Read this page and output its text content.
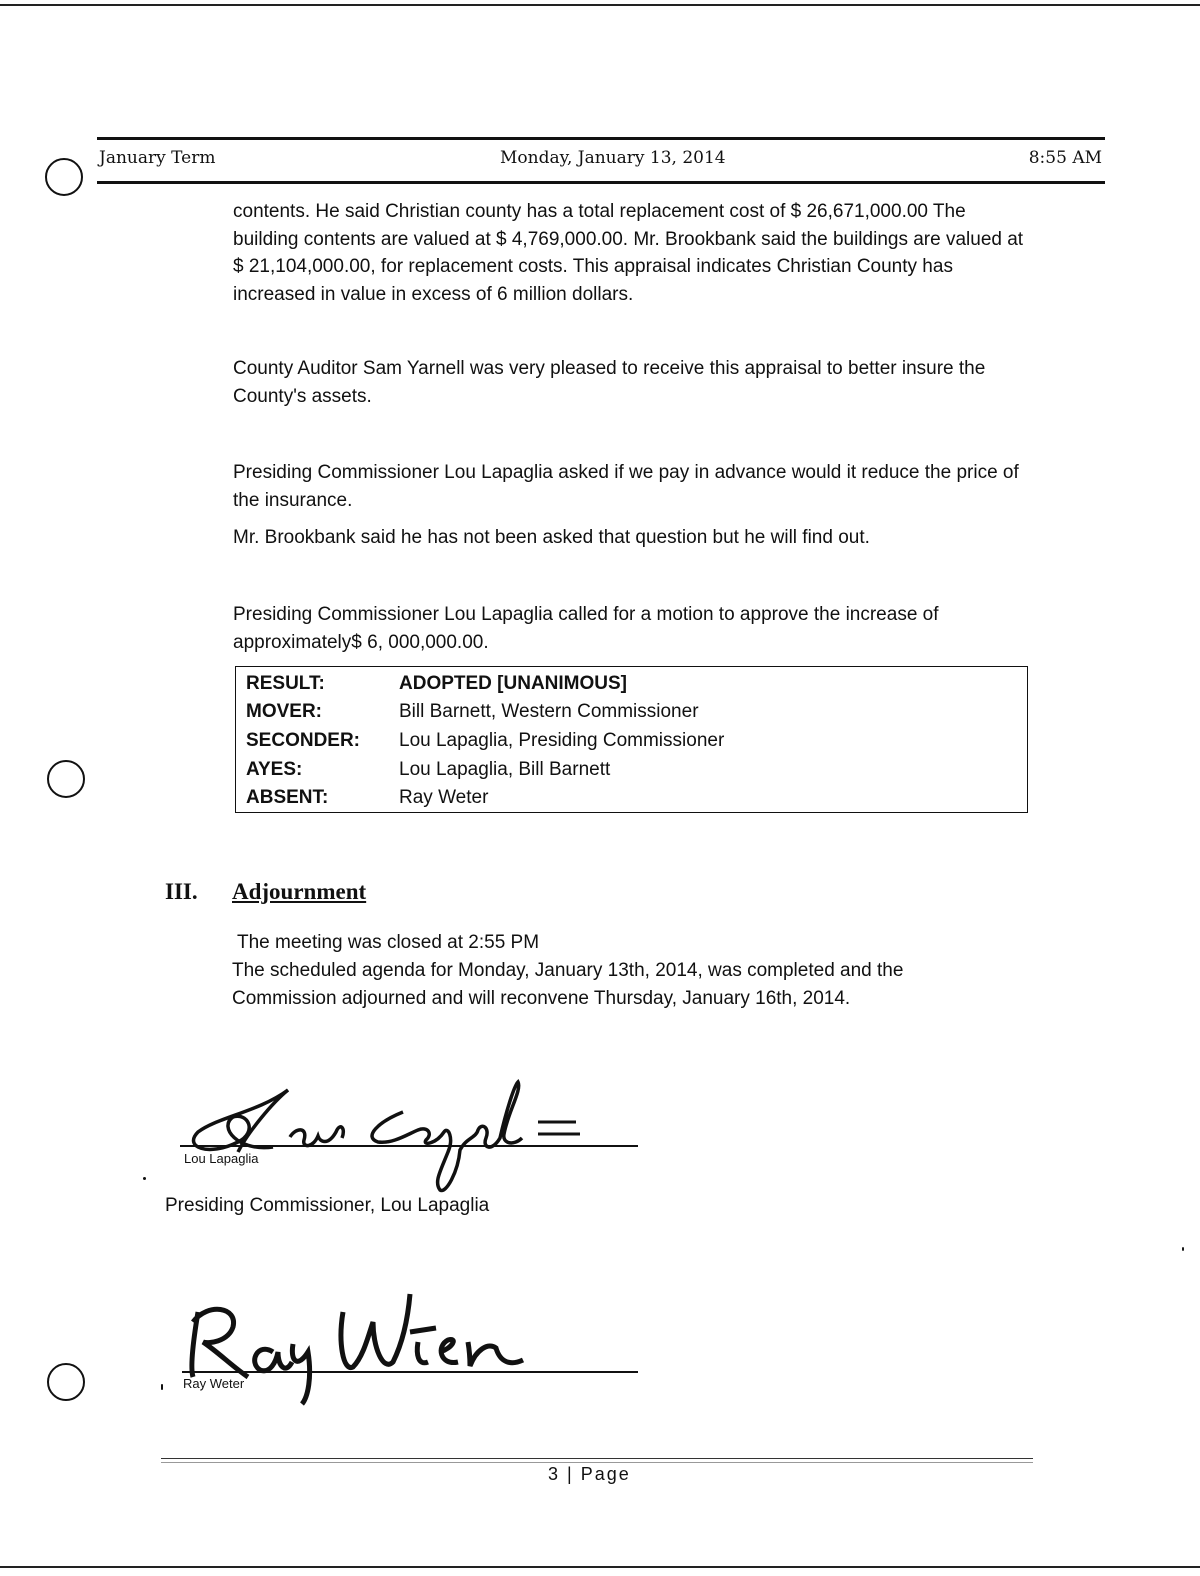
January Term	Monday, January 13, 2014	8:55 AM
contents. He said Christian county has a total replacement cost of $ 26,671,000.00 The building contents are valued at $ 4,769,000.00. Mr. Brookbank said the buildings are valued at $ 21,104,000.00, for replacement costs. This appraisal indicates Christian County has increased in value in excess of 6 million dollars.
County Auditor Sam Yarnell was very pleased to receive this appraisal to better insure the County's assets.
Presiding Commissioner Lou Lapaglia asked if we pay in advance would it reduce the price of the insurance.
Mr. Brookbank said he has not been asked that question but he will find out.
Presiding Commissioner Lou Lapaglia called for a motion to approve the increase of approximately$ 6, 000,000.00.
RESULT:	ADOPTED [UNANIMOUS]
MOVER:	Bill Barnett, Western Commissioner
SECONDER:	Lou Lapaglia, Presiding Commissioner
AYES:	Lou Lapaglia, Bill Barnett
ABSENT:	Ray Weter
III. Adjournment
The meeting was closed at 2:55 PM
The scheduled agenda for Monday, January 13th, 2014, was completed and the Commission adjourned and will reconvene Thursday, January 16th, 2014.
Lou Lapaglia
Presiding Commissioner, Lou Lapaglia
Ray Weter
3 | Page
